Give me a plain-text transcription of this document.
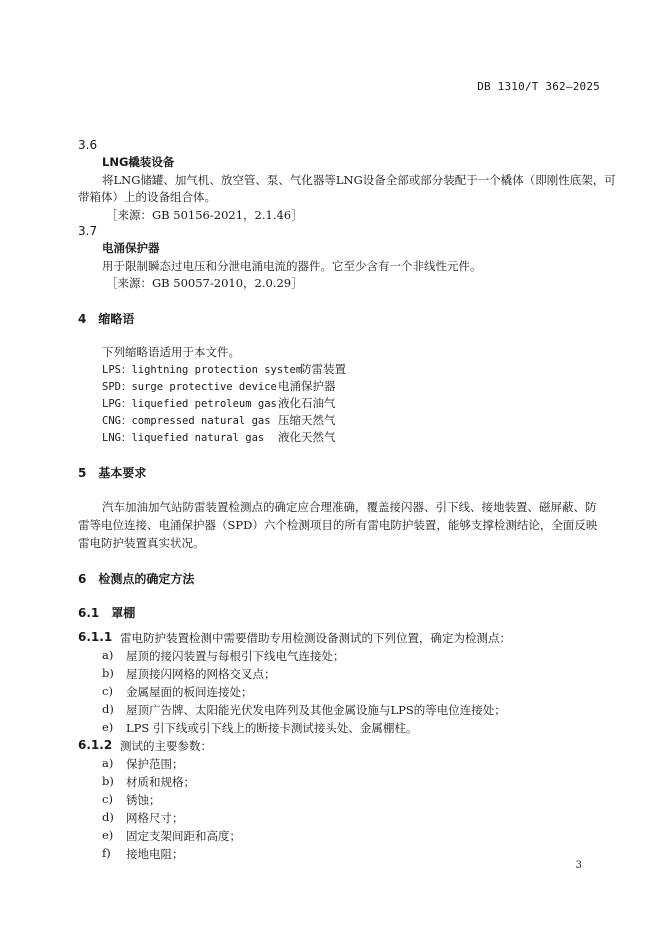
DB 1310/T 362—2025
3.6
LNG橇装设备
将LNG储罐、加气机、放空管、泵、气化器等LNG设备全部或部分装配于一个橇体（即刚性底架，可
带箱体）上的设备组合体。
［来源：GB 50156-2021，2.1.46］
3.7
电涌保护器
用于限制瞬态过电压和分泄电涌电流的器件。它至少含有一个非线性元件。
［来源：GB 50057-2010，2.0.29］
4　缩略语
下列缩略语适用于本文件。
LPS：lightning protection system
防雷装置
SPD：surge protective device 电涌保护器
LPG：liquefied petroleum gas 液化石油气
CNG：compressed natural gas 压缩天然气
LNG：liquefied natural gas 液化天然气
5　基本要求
汽车加油加气站防雷装置检测点的确定应合理准确，覆盖接闪器、引下线、接地装置、磁屏蔽、防
雷等电位连接、电涌保护器（SPD）六个检测项目的所有雷电防护装置，能够支撑检测结论，全面反映
雷电防护装置真实状况。
6　检测点的确定方法
6.1　罩棚
6.1.1 雷电防护装置检测中需要借助专用检测设备测试的下列位置，确定为检测点：
a) 屋顶的接闪装置与每根引下线电气连接处；
b) 屋顶接闪网格的网格交叉点；
c) 金属屋面的板间连接处；
d) 屋顶广告牌、太阳能光伏发电阵列及其他金属设施与LPS的等电位连接处；
e) LPS 引下线或引下线上的断接卡测试接头处、金属棚柱。
6.1.2 测试的主要参数：
a) 保护范围；
b) 材质和规格；
c) 锈蚀；
d) 网格尺寸；
e) 固定支架间距和高度；
f) 接地电阻；
3
